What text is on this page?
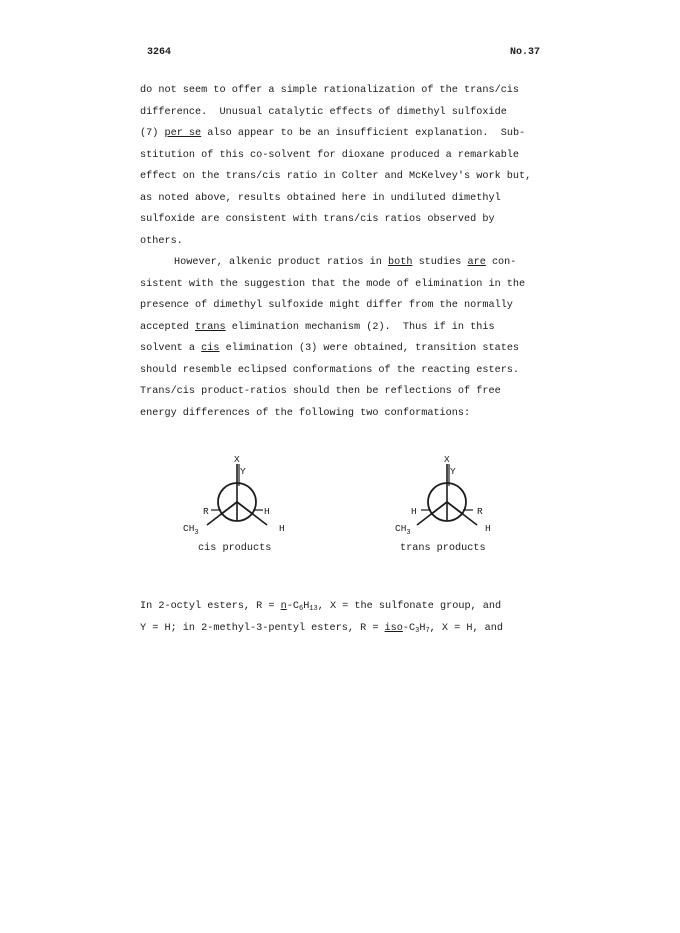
3264	No.37
do not seem to offer a simple rationalization of the trans/cis
difference.  Unusual catalytic effects of dimethyl sulfoxide
(7) per se also appear to be an insufficient explanation.  Sub-
stitution of this co-solvent for dioxane produced a remarkable
effect on the trans/cis ratio in Colter and McKelvey's work but,
as noted above, results obtained here in undiluted dimethyl
sulfoxide are consistent with trans/cis ratios observed by
others.
However, alkenic product ratios in both studies are con-
sistent with the suggestion that the mode of elimination in the
presence of dimethyl sulfoxide might differ from the normally
accepted trans elimination mechanism (2).  Thus if in this
solvent a cis elimination (3) were obtained, transition states
should resemble eclipsed conformations of the reacting esters.
Trans/cis product-ratios should then be reflections of free
energy differences of the following two conformations:
X
Y
R	H
$CH_3$	H
X
Y
H	R
$CH_3$	H
cis products	trans products
In 2-octyl esters, $R = n-C_6H_{13}$, X = the sulfonate group, and
Y = H; in 2-methyl-3-pentyl esters, R = iso-$C_3H_7$, X = H, and
